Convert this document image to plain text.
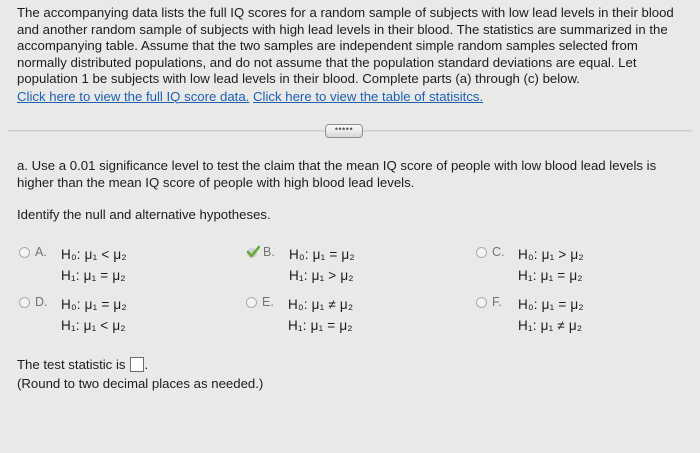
The accompanying data lists the full IQ scores for a random sample of subjects with low lead levels in their blood and another random sample of subjects with high lead levels in their blood. The statistics are summarized in the accompanying table. Assume that the two samples are independent simple random samples selected from normally distributed populations, and do not assume that the population standard deviations are equal. Let population 1 be subjects with low lead levels in their blood. Complete parts (a) through (c) below.
Click here to view the full IQ score data. Click here to view the table of statisitcs.
•••••
a. Use a 0.01 significance level to test the claim that the mean IQ score of people with low blood lead levels is higher than the mean IQ score of people with high blood lead levels.
Identify the null and alternative hypotheses.
A.	H₀: μ₁ < μ₂
H₁: μ₁ = μ₂
B.	H₀: μ₁ = μ₂
H₁: μ₁ > μ₂
C.	H₀: μ₁ > μ₂
H₁: μ₁ = μ₂
D.	H₀: μ₁ = μ₂
H₁: μ₁ < μ₂
E.	H₀: μ₁ ≠ μ₂
H₁: μ₁ = μ₂
F.	H₀: μ₁ = μ₂
H₁: μ₁ ≠ μ₂
The test statistic is .
(Round to two decimal places as needed.)
